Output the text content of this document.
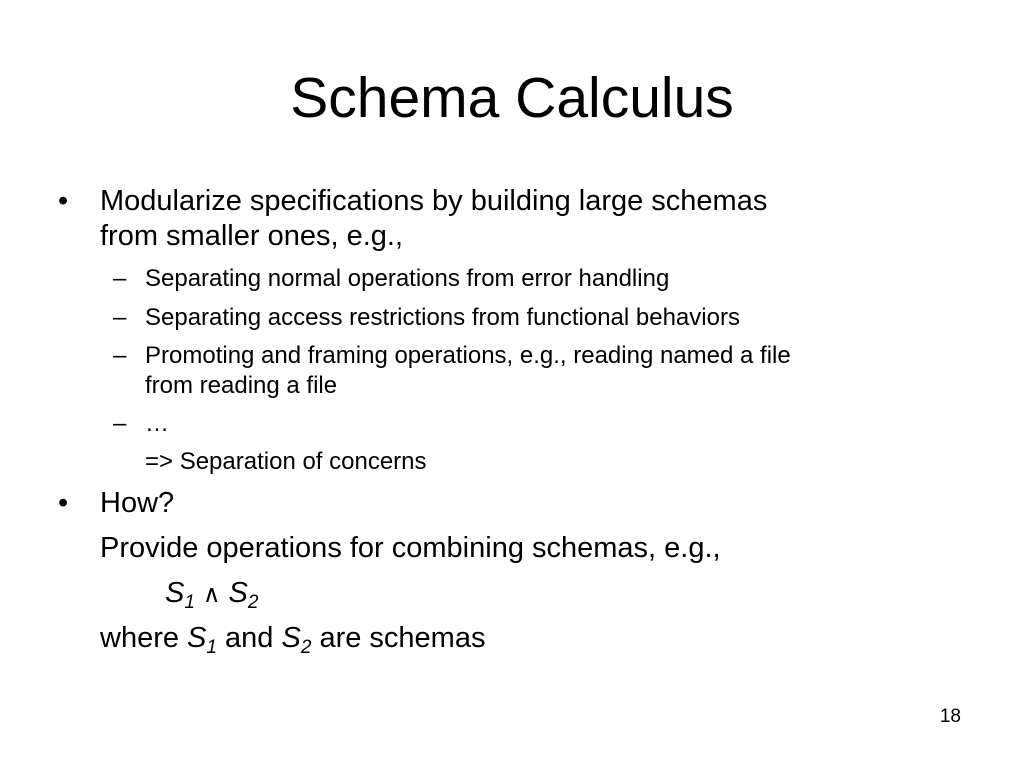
Schema Calculus
• Modularize specifications by building large schemas
from smaller ones, e.g.,
– Separating normal operations from error handling
– Separating access restrictions from functional behaviors
– Promoting and framing operations, e.g., reading named a file
from reading a file
– …
=> Separation of concerns
• How?
Provide operations for combining schemas, e.g.,
$S_1$ ∧ $S_2$
where $S_1$ and $S_2$ are schemas
18
